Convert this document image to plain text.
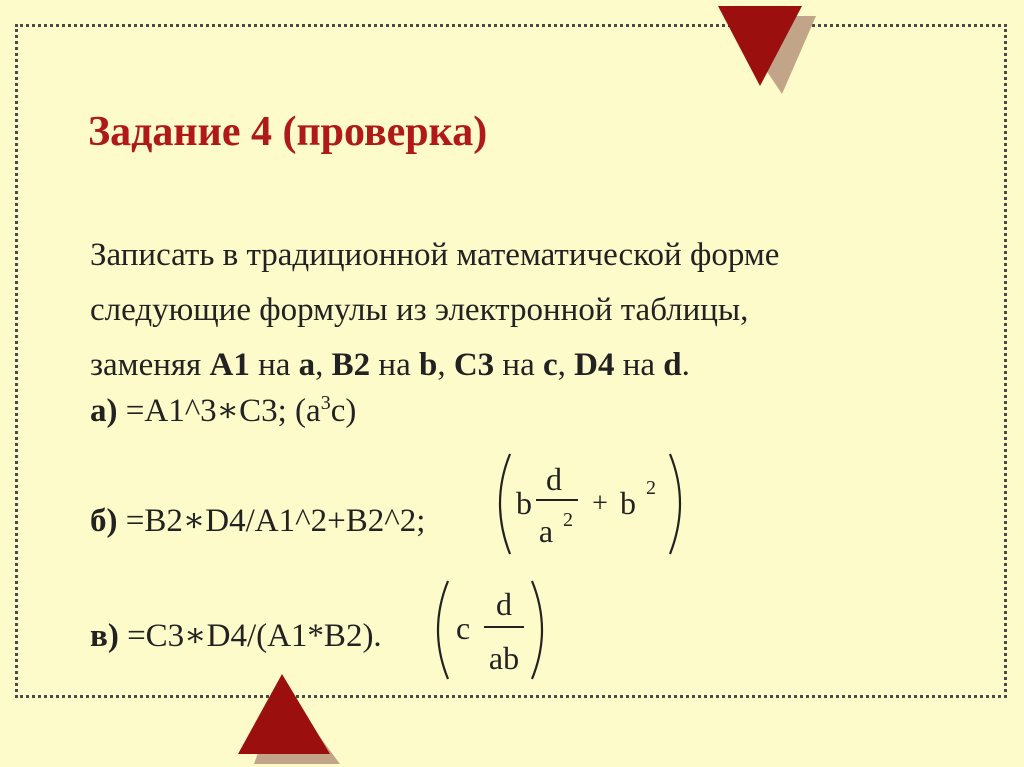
Задание 4 (проверка)
Записать в традиционной математической форме
следующие формулы из электронной таблицы,
заменяя A1 на a, B2 на b, C3 на c, D4 на d.
а) =A1^3∗C3; $(a^3c)$
б) =B2∗D4/A1^2+B2^2;	b
d
a 2
+ b 2
в) =C3∗D4/(A1*B2). c
d
ab
